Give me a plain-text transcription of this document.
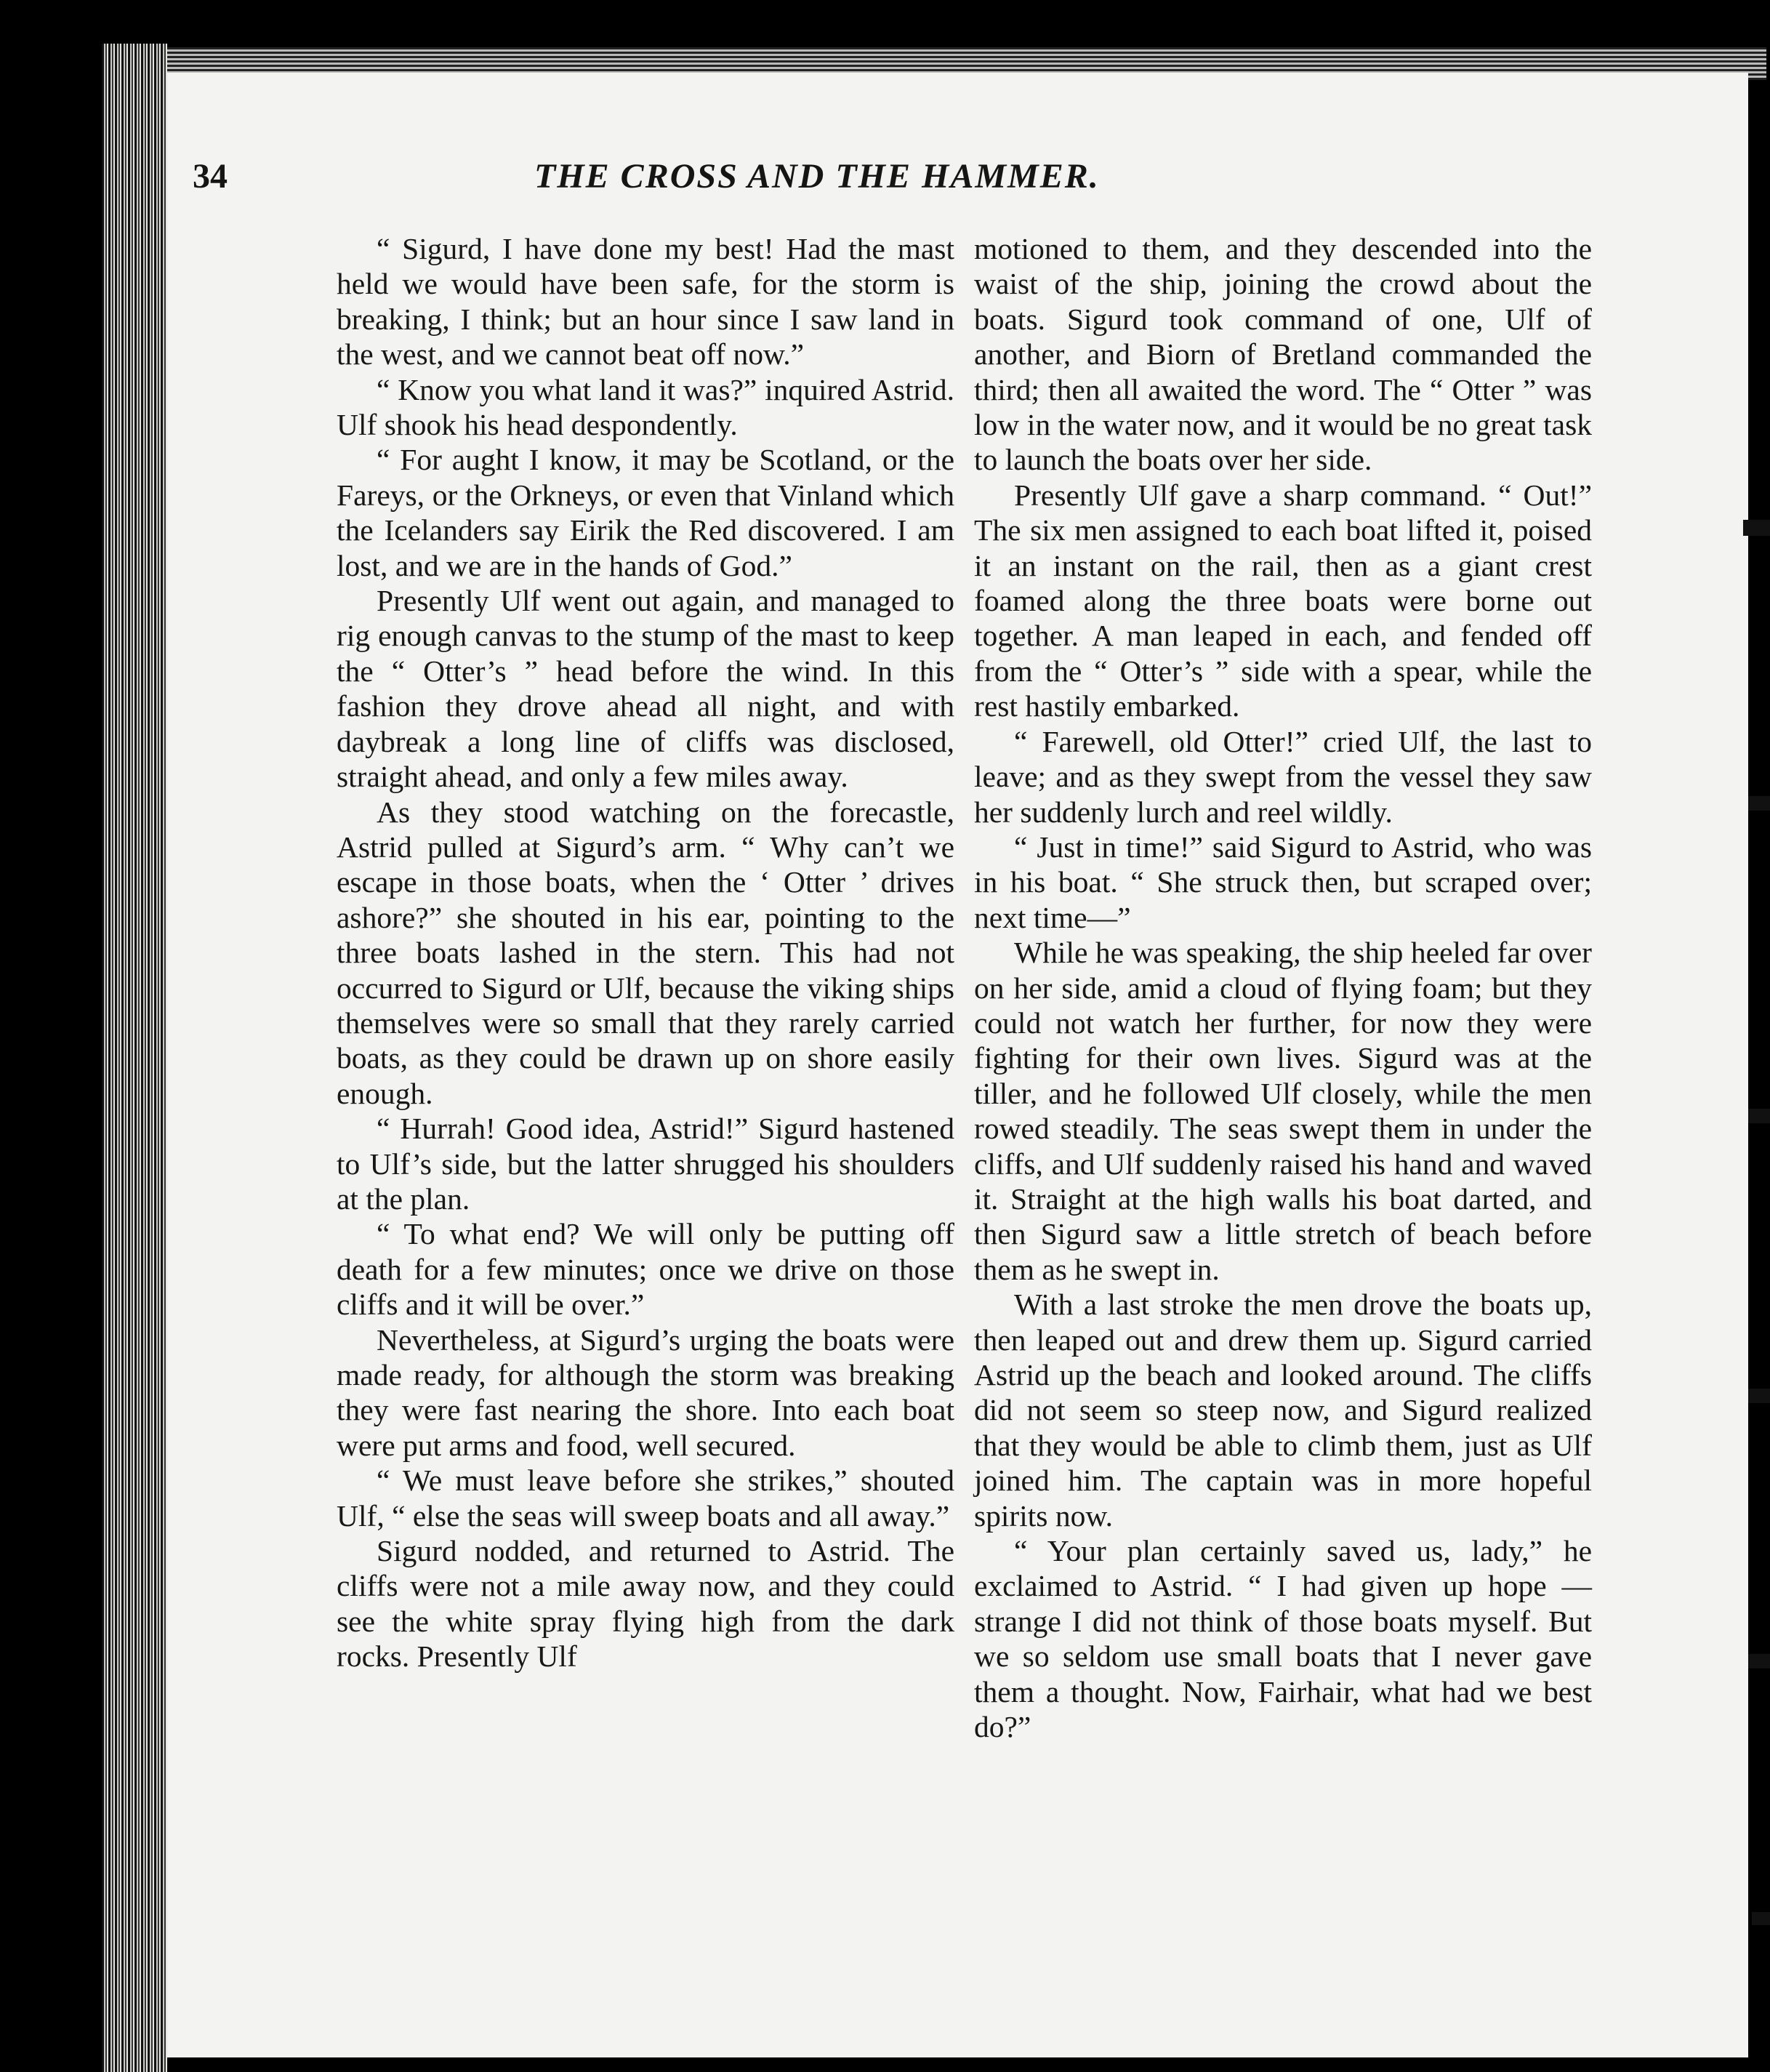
34	THE CROSS AND THE HAMMER.

“ Sigurd, I have done my best! Had the mast held we would have been safe, for the storm is breaking, I think; but an hour since I saw land in the west, and we cannot beat off now.”

“ Know you what land it was?” inquired Astrid. Ulf shook his head despondently.

“ For aught I know, it may be Scotland, or the Fareys, or the Orkneys, or even that Vinland which the Icelanders say Eirik the Red discovered. I am lost, and we are in the hands of God.”

Presently Ulf went out again, and managed to rig enough canvas to the stump of the mast to keep the “ Otter’s ” head before the wind. In this fashion they drove ahead all night, and with daybreak a long line of cliffs was disclosed, straight ahead, and only a few miles away.

As they stood watching on the forecastle, Astrid pulled at Sigurd’s arm. “ Why can’t we escape in those boats, when the ‘ Otter ’ drives ashore?” she shouted in his ear, pointing to the three boats lashed in the stern. This had not occurred to Sigurd or Ulf, because the viking ships themselves were so small that they rarely carried boats, as they could be drawn up on shore easily enough.

“ Hurrah! Good idea, Astrid!” Sigurd hastened to Ulf’s side, but the latter shrugged his shoulders at the plan.

“ To what end? We will only be putting off death for a few minutes; once we drive on those cliffs and it will be over.”

Nevertheless, at Sigurd’s urging the boats were made ready, for although the storm was breaking they were fast nearing the shore. Into each boat were put arms and food, well secured.

“ We must leave before she strikes,” shouted Ulf, “ else the seas will sweep boats and all away.”

Sigurd nodded, and returned to Astrid. The cliffs were not a mile away now, and they could see the white spray flying high from the dark rocks. Presently Ulf

motioned to them, and they descended into the waist of the ship, joining the crowd about the boats. Sigurd took command of one, Ulf of another, and Biorn of Bretland commanded the third; then all awaited the word. The “ Otter ” was low in the water now, and it would be no great task to launch the boats over her side.

Presently Ulf gave a sharp command. “ Out!” The six men assigned to each boat lifted it, poised it an instant on the rail, then as a giant crest foamed along the three boats were borne out together. A man leaped in each, and fended off from the “ Otter’s ” side with a spear, while the rest hastily embarked.

“ Farewell, old Otter!” cried Ulf, the last to leave; and as they swept from the vessel they saw her suddenly lurch and reel wildly.

“ Just in time!” said Sigurd to Astrid, who was in his boat. “ She struck then, but scraped over; next time—”

While he was speaking, the ship heeled far over on her side, amid a cloud of flying foam; but they could not watch her further, for now they were fighting for their own lives. Sigurd was at the tiller, and he followed Ulf closely, while the men rowed steadily. The seas swept them in under the cliffs, and Ulf suddenly raised his hand and waved it. Straight at the high walls his boat darted, and then Sigurd saw a little stretch of beach before them as he swept in.

With a last stroke the men drove the boats up, then leaped out and drew them up. Sigurd carried Astrid up the beach and looked around. The cliffs did not seem so steep now, and Sigurd realized that they would be able to climb them, just as Ulf joined him. The captain was in more hopeful spirits now.

“ Your plan certainly saved us, lady,” he exclaimed to Astrid. “ I had given up hope —strange I did not think of those boats myself. But we so seldom use small boats that I never gave them a thought. Now, Fairhair, what had we best do?”
